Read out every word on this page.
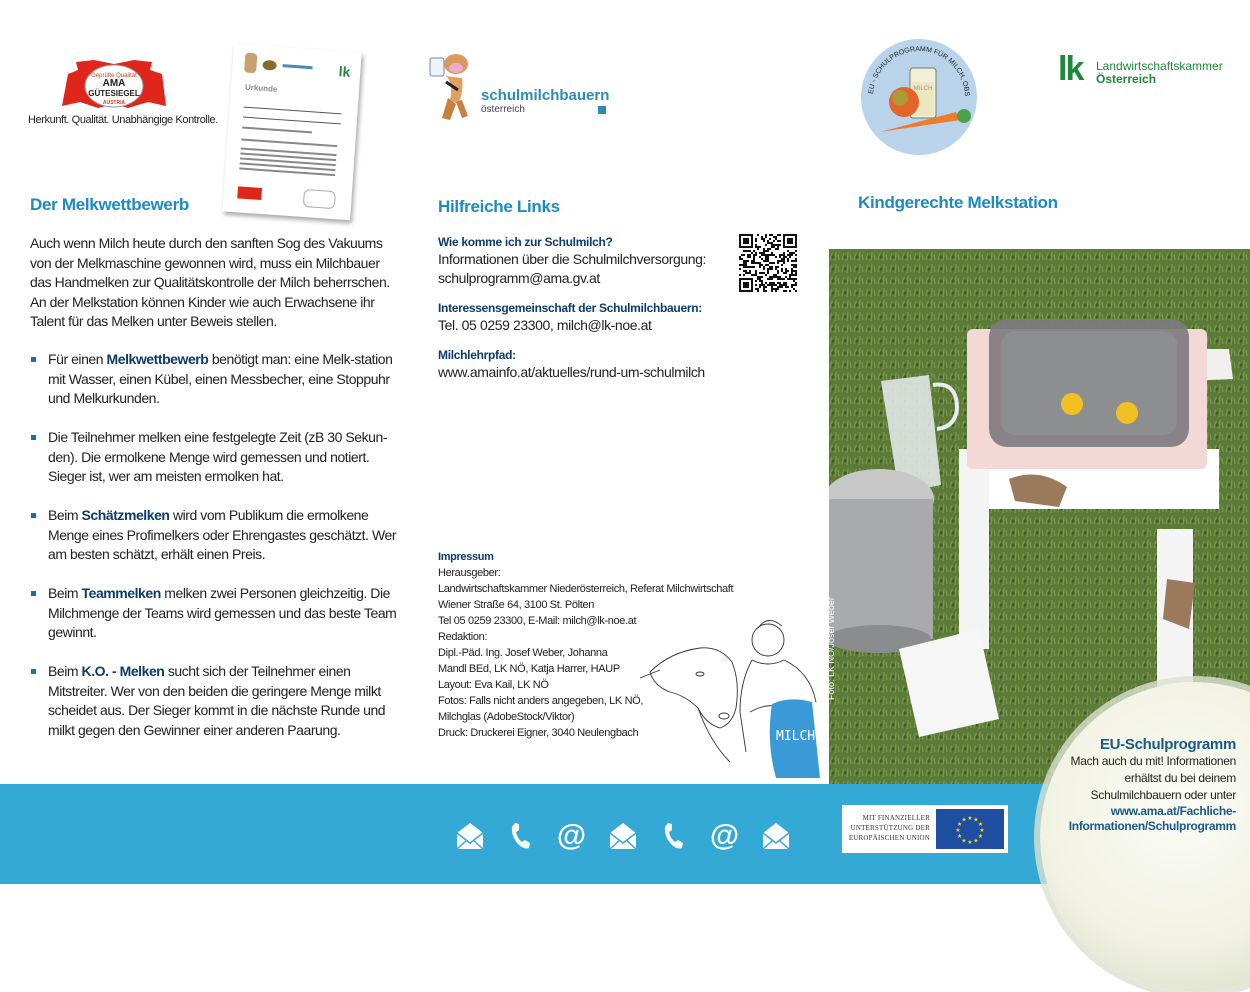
Geprüfte Qualität
AMA
GÜTESIEGEL
AUSTRIA
Herkunft. Qualität. Unabhängige Kontrolle.
lk
Urkunde
Der Melkwettbewerb
Auch wenn Milch heute durch den sanften Sog des Vakuums von der Melkmaschine gewonnen wird, muss ein Milchbauer das Handmelken zur Qualitätskontrolle der Milch beherrschen. An der Melkstation können Kinder wie auch Erwachsene ihr Talent für das Melken unter Beweis stellen.
Für einen Melkwettbewerb benötigt man: eine Melk-station mit Wasser, einen Kübel, einen Messbecher, eine Stoppuhr und Melkurkunden.
Die Teilnehmer melken eine festgelegte Zeit (zB 30 Sekun-den). Die ermolkene Menge wird gemessen und notiert. Sieger ist, wer am meisten ermolken hat.
Beim Schätzmelken wird vom Publikum die ermolkene Menge eines Profimelkers oder Ehrengastes geschätzt. Wer am besten schätzt, erhält einen Preis.
Beim Teammelken melken zwei Personen gleichzeitig. Die Milchmenge der Teams wird gemessen und das beste Team gewinnt.
Beim K.O. - Melken sucht sich der Teilnehmer einen Mitstreiter. Wer von den beiden die geringere Menge milkt scheidet aus. Der Sieger kommt in die nächste Runde und milkt gegen den Gewinner einer anderen Paarung.
schulmilchbauern
österreich
Hilfreiche Links
Wie komme ich zur Schulmilch?
Informationen über die Schulmilchversorgung:
schulprogramm@ama.gv.at
Interessensgemeinschaft der Schulmilchbauern:
Tel. 05 0259 23300, milch@lk-noe.at
Milchlehrpfad:
www.amainfo.at/aktuelles/rund-um-schulmilch
Impressum
Herausgeber:
Landwirtschaftskammer Niederösterreich, Referat Milchwirtschaft
Wiener Straße 64, 3100 St. Pölten
Tel 05 0259 23300, E-Mail: milch@lk-noe.at
Redaktion:
Dipl.-Päd. Ing. Josef Weber, Johanna
Mandl BEd, LK NÖ, Katja Harrer, HAUP
Layout: Eva Kail, LK NÖ
Fotos: Falls nicht anders angegeben, LK NÖ,
Milchglas (AdobeStock/Viktor)
Druck: Druckerei Eigner, 3040 Neulengbach	MILCH
EU - SCHULPROGRAMM FÜR MILCH, OBS
MILCH
lk Landwirtschaftskammer
Österreich
Kindgerechte Melkstation
Foto: LK NÖ/Josef Weber
@	@
MIT FINANZIELLER
UNTERSTÜTZUNG DER
EUROPÄISCHEN UNION
★
★
★
★
★
★
★
★
★ ★ ★
★
EU-Schulprogramm
Mach auch du mit! Informationen
erhältst du bei deinem
Schulmilchbauern oder unter
www.ama.at/Fachliche-
Informationen/Schulprogramm
